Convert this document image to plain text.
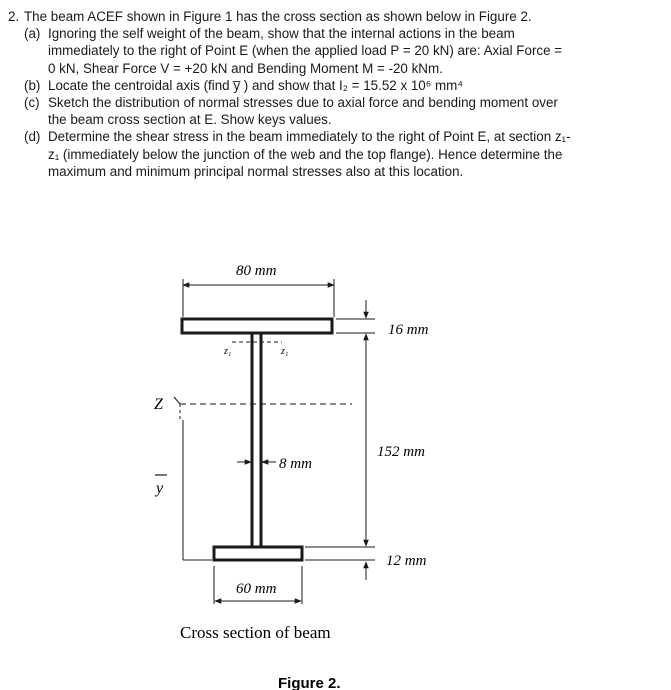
2. The beam ACEF shown in Figure 1 has the cross section as shown below in Figure 2.
(a) Ignoring the self weight of the beam, show that the internal actions in the beam
immediately to the right of Point E (when the applied load P = 20 kN) are: Axial Force =
0 kN, Shear Force V = +20 kN and Bending Moment M = -20 kNm.
(b) Locate the centroidal axis (find y̅ ) and show that I₂ = 15.52 x 10⁶ mm⁴
(c) Sketch the distribution of normal stresses due to axial force and bending moment over
the beam cross section at E. Show keys values.
(d) Determine the shear stress in the beam immediately to the right of Point E, at section z₁-
z₁ (immediately below the junction of the web and the top flange). Hence determine the
maximum and minimum principal normal stresses also at this location.
80 mm
16 mm
152 mm
12 mm
z₁	z₁
Z
y
8 mm
60 mm
Cross section of beam
Figure 2.
